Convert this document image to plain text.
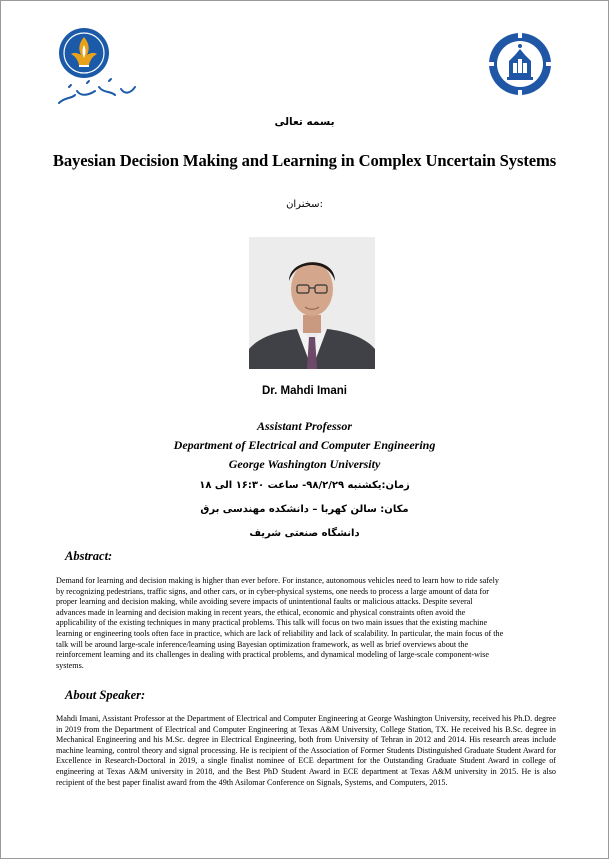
بسمه تعالی
Bayesian Decision Making and Learning in Complex Uncertain Systems
سخنران:
Dr. Mahdi Imani
Assistant Professor
Department of Electrical and Computer Engineering
George Washington University
زمان:یکشنبه ۹۸/۲/۲۹- ساعت ۱۶:۳۰ الی ۱۸
مکان: سالن کهربا – دانشکده مهندسی برق
دانشگاه صنعتی شریف
Abstract:
Demand for learning and decision making is higher than ever before. For instance, autonomous vehicles need to learn how to ride safely
by recognizing pedestrians, traffic signs, and other cars, or in cyber-physical systems, one needs to process a large amount of data for
proper learning and decision making, while avoiding severe impacts of unintentional faults or malicious attacks. Despite several
advances made in learning and decision making in recent years, the ethical, economic and physical constraints often avoid the
applicability of the existing techniques in many practical problems. This talk will focus on two main issues that the existing machine
learning or engineering tools often face in practice, which are lack of reliability and lack of scalability. In particular, the main focus of the
talk will be around large-scale inference/learning using Bayesian optimization framework, as well as brief overviews about the
reinforcement learning and its challenges in dealing with practical problems, and dynamical modeling of large-scale component-wise
systems.
About Speaker:
Mahdi Imani, Assistant Professor at the Department of Electrical and Computer Engineering at George Washington University, received his Ph.D. degree in 2019 from the Department of Electrical and Computer Engineering at Texas A&M University, College Station, TX. He received his B.Sc. degree in Mechanical Engineering and his M.Sc. degree in Electrical Engineering, both from University of Tehran in 2012 and 2014. His research areas include machine learning, control theory and signal processing. He is recipient of the Association of Former Students Distinguished Graduate Student Award for Excellence in Research-Doctoral in 2019, a single finalist nominee of ECE department for the Outstanding Graduate Student Award in college of engineering at Texas A&M university in 2018, and the Best PhD Student Award in ECE department at Texas A&M university in 2015. He is also recipient of the best paper finalist award from the 49th Asilomar Conference on Signals, Systems, and Computers, 2015.
